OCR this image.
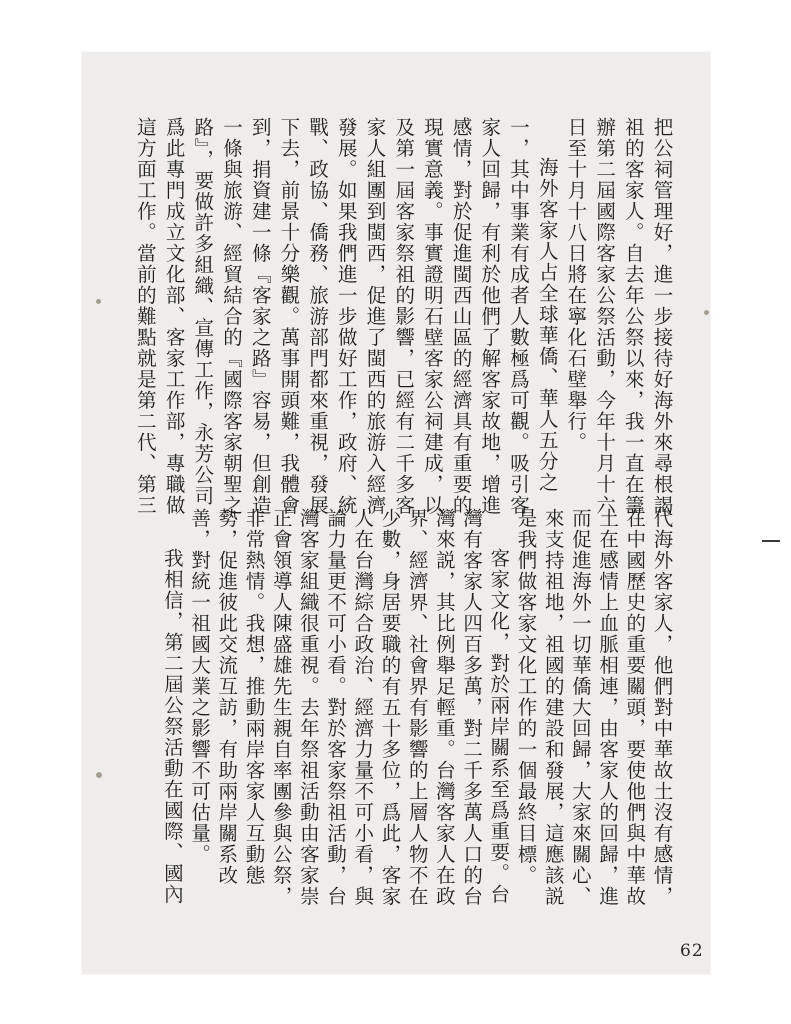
62
把公祠管理好，進一步接待好海外來尋根謁
祖的客家人。自去年公祭以來，我一直在籌
辦第二屆國際客家公祭活動，今年十月十六
日至十月十八日將在寧化石壁舉行。
海外客家人占全球華僑、華人五分之
一，其中事業有成者人數極爲可觀。吸引客
家人回歸，有利於他們了解客家故地，增進
感情，對於促進閩西山區的經濟具有重要的
現實意義。事實證明石壁客家公祠建成，以
及第一屆客家祭祖的影響，已經有二千多客
家人組團到閩西，促進了閩西的旅游入經濟
發展。如果我們進一步做好工作，政府、統
戰、政協、僑務、旅游部門都來重視，發展
下去，前景十分樂觀。萬事開頭難，我體會
到，捐資建一條『客家之路』容易，但創造
一條與旅游、經貿結合的『國際客家朝聖之
路』，要做許多組織、宣傳工作，永芳公司
爲此專門成立文化部、客家工作部，專職做
這方面工作。當前的難點就是第二代、第三
代海外客家人，他們對中華故土沒有感情，
在中國歷史的重要關頭，要使他們與中華故
土在感情上血脈相連，由客家人的回歸，進
而促進海外一切華僑大回歸，大家來關心、
來支持祖地，祖國的建設和發展，這應該説
是我們做客家文化工作的一個最終目標。
客家文化，對於兩岸關系至爲重要。台
灣有客家人四百多萬，對二千多萬人口的台
灣來説，其比例舉足輕重。台灣客家人在政
界、經濟界、社會界有影響的上層人物不在
少數，身居要職的有五十多位，爲此，客家
人在台灣綜合政治、經濟力量不可小看，與
論力量更不可小看。對於客家祭祖活動，台
灣客家組織很重視。去年祭祖活動由客家崇
正會領導人陳盛雄先生親自率團參與公祭，
非常熱情。我想，推動兩岸客家人互動態
勢，促進彼此交流互訪，有助兩岸關系改
善，對統一祖國大業之影響不可估量。
我相信，第二屆公祭活動在國際、國內
